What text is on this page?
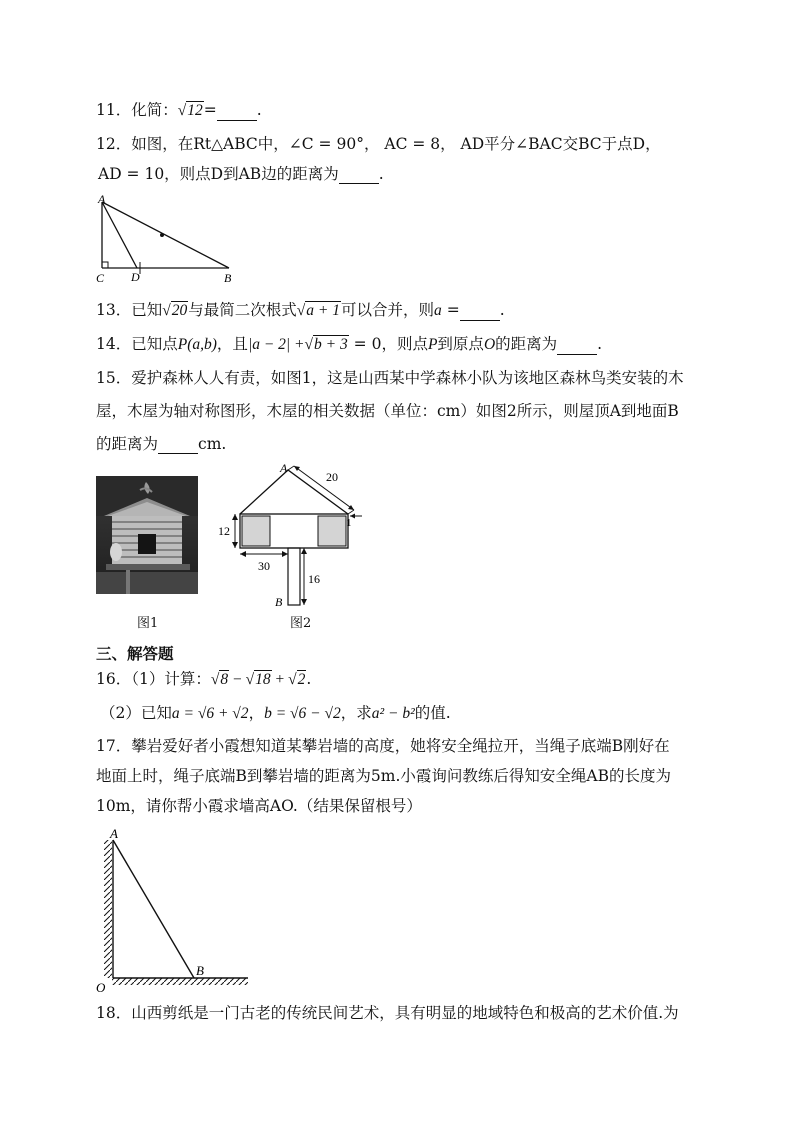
11．化简：√12=	.
12．如图，在Rt△ABC中，∠C = 90°， AC = 8， AD平分∠BAC交BC于点D，
AD = 10，则点D到AB边的距离为	.
A
C D	B
13．已知√20与最简二次根式√a + 1可以合并，则a =	.
14．已知点P(a,b)，且|a − 2| +√b + 3 = 0，则点P到原点O的距离为	.
15．爱护森林人人有责，如图1，这是山西某中学森林小队为该地区森林鸟类安装的木
屋，木屋为轴对称图形，木屋的相关数据（单位：cm）如图2所示，则屋顶A到地面B
的距离为	cm.
图1
20
1
12
30
16
A
B
图2
三、解答题
16．（1）计算：√8 − √18 + √2.
（2）已知a = √6 + √2，b = √6 − √2，求a² − b²的值.
17．攀岩爱好者小霞想知道某攀岩墙的高度，她将安全绳拉开，当绳子底端B刚好在
地面上时，绳子底端B到攀岩墙的距离为5m.小霞询问教练后得知安全绳AB的长度为
10m，请你帮小霞求墙高AO.（结果保留根号）
A
B
O
18．山西剪纸是一门古老的传统民间艺术，具有明显的地域特色和极高的艺术价值.为
